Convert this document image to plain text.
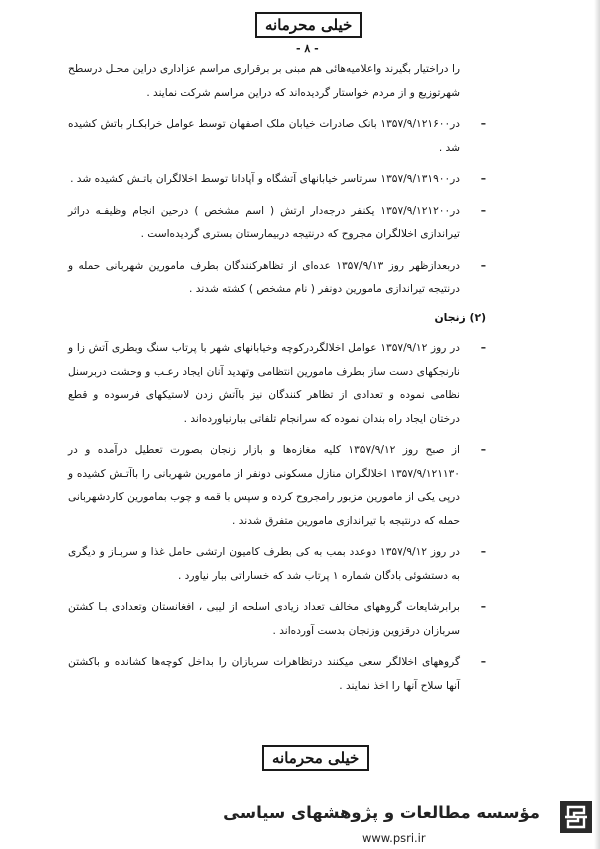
خیلی محرمانه
- ۸ -

را دراختیار بگیرند واعلامیه‌هائی هم مبنی بر برقراری مراسم عزاداری دراین محـل درسطح شهرتوزیع و از مردم خواستار گردیده‌اند که دراین مراسم شرکت نمایند .

– در۱۳۵۷/۹/۱۲۱۶۰۰ بانک صادرات خیابان ملک اصفهان توسط عوامل خرابکـار باتش کشیده شد .

– در۱۳۵۷/۹/۱۳۱۹۰۰ سرتاسر خیابانهای آتشگاه و آپادانا توسط اخلالگران باتـش کشیده شد .

– در۱۳۵۷/۹/۱۲۱۲۰۰ یکنفر درجه‌دار ارتش ( اسم مشخص ) درحین انجام وظیفـه دراثر تیراندازی اخلالگران مجروح که درنتیجه دربیمارستان بستری گردیده‌است .

– دربعدازظهر روز ۱۳۵۷/۹/۱۳ عده‌ای از تظاهرکنندگان بطرف مامورین شهربانی حمله و درنتیجه تیراندازی مامورین دونفر ( نام مشخص ) کشته شدند .

(۲) زنجان

– در روز ۱۳۵۷/۹/۱۲ عوامل اخلالگردرکوچه وخیابانهای شهر با پرتاب سنگ وبطری آتش زا و نارنجکهای دست ساز بطرف مامورین انتظامی وتهدید آنان ایجاد رعـب و وحشت دربرسنل نظامی نموده و تعدادی از تظاهر کنندگان نیز باآتش زدن لاستیکهای فرسوده و قطع درختان ایجاد راه بندان نموده که سرانجام تلفاتی ببارنیاورده‌اند .

– از صبح روز ۱۳۵۷/۹/۱۲ کلیه مغازه‌ها و بازار زنجان بصورت تعطیل درآمده و در ۱۳۵۷/۹/۱۲۱۱۳۰ اخلالگران منازل مسکونی دونفر از مامورین شهربانی را باآتـش کشیده و درپی یکی از مامورین مزبور رامجروح کرده و سپس با قمه و چوب بمامورین کارد‌شهربانی حمله که درنتیجه با تیراندازی مامورین متفرق شدند .

– در روز ۱۳۵۷/۹/۱۲ دوعدد بمب به کی بطرف کامیون ارتشی حامل غذا و سربـاز و دیگری به دستشوئی بادگان شماره ۱ پرتاب شد که خساراتی ببار نیاورد .

– برابرشایعات گروههای مخالف تعداد زیادی اسلحه از لیبی ، افغانستان وتعدادی بـا کشتن سربازان درقزوین وزنجان بدست آورده‌اند .

– گروههای اخلالگر سعی میکنند درتظاهرات سربازان را بداخل کوچه‌ها کشانده و باکشتن آنها سلاح آنها را اخذ نمایند .

خیلی محرمانه
مؤسسه مطالعات و پژوهشهای سیاسی
www.psri.ir
